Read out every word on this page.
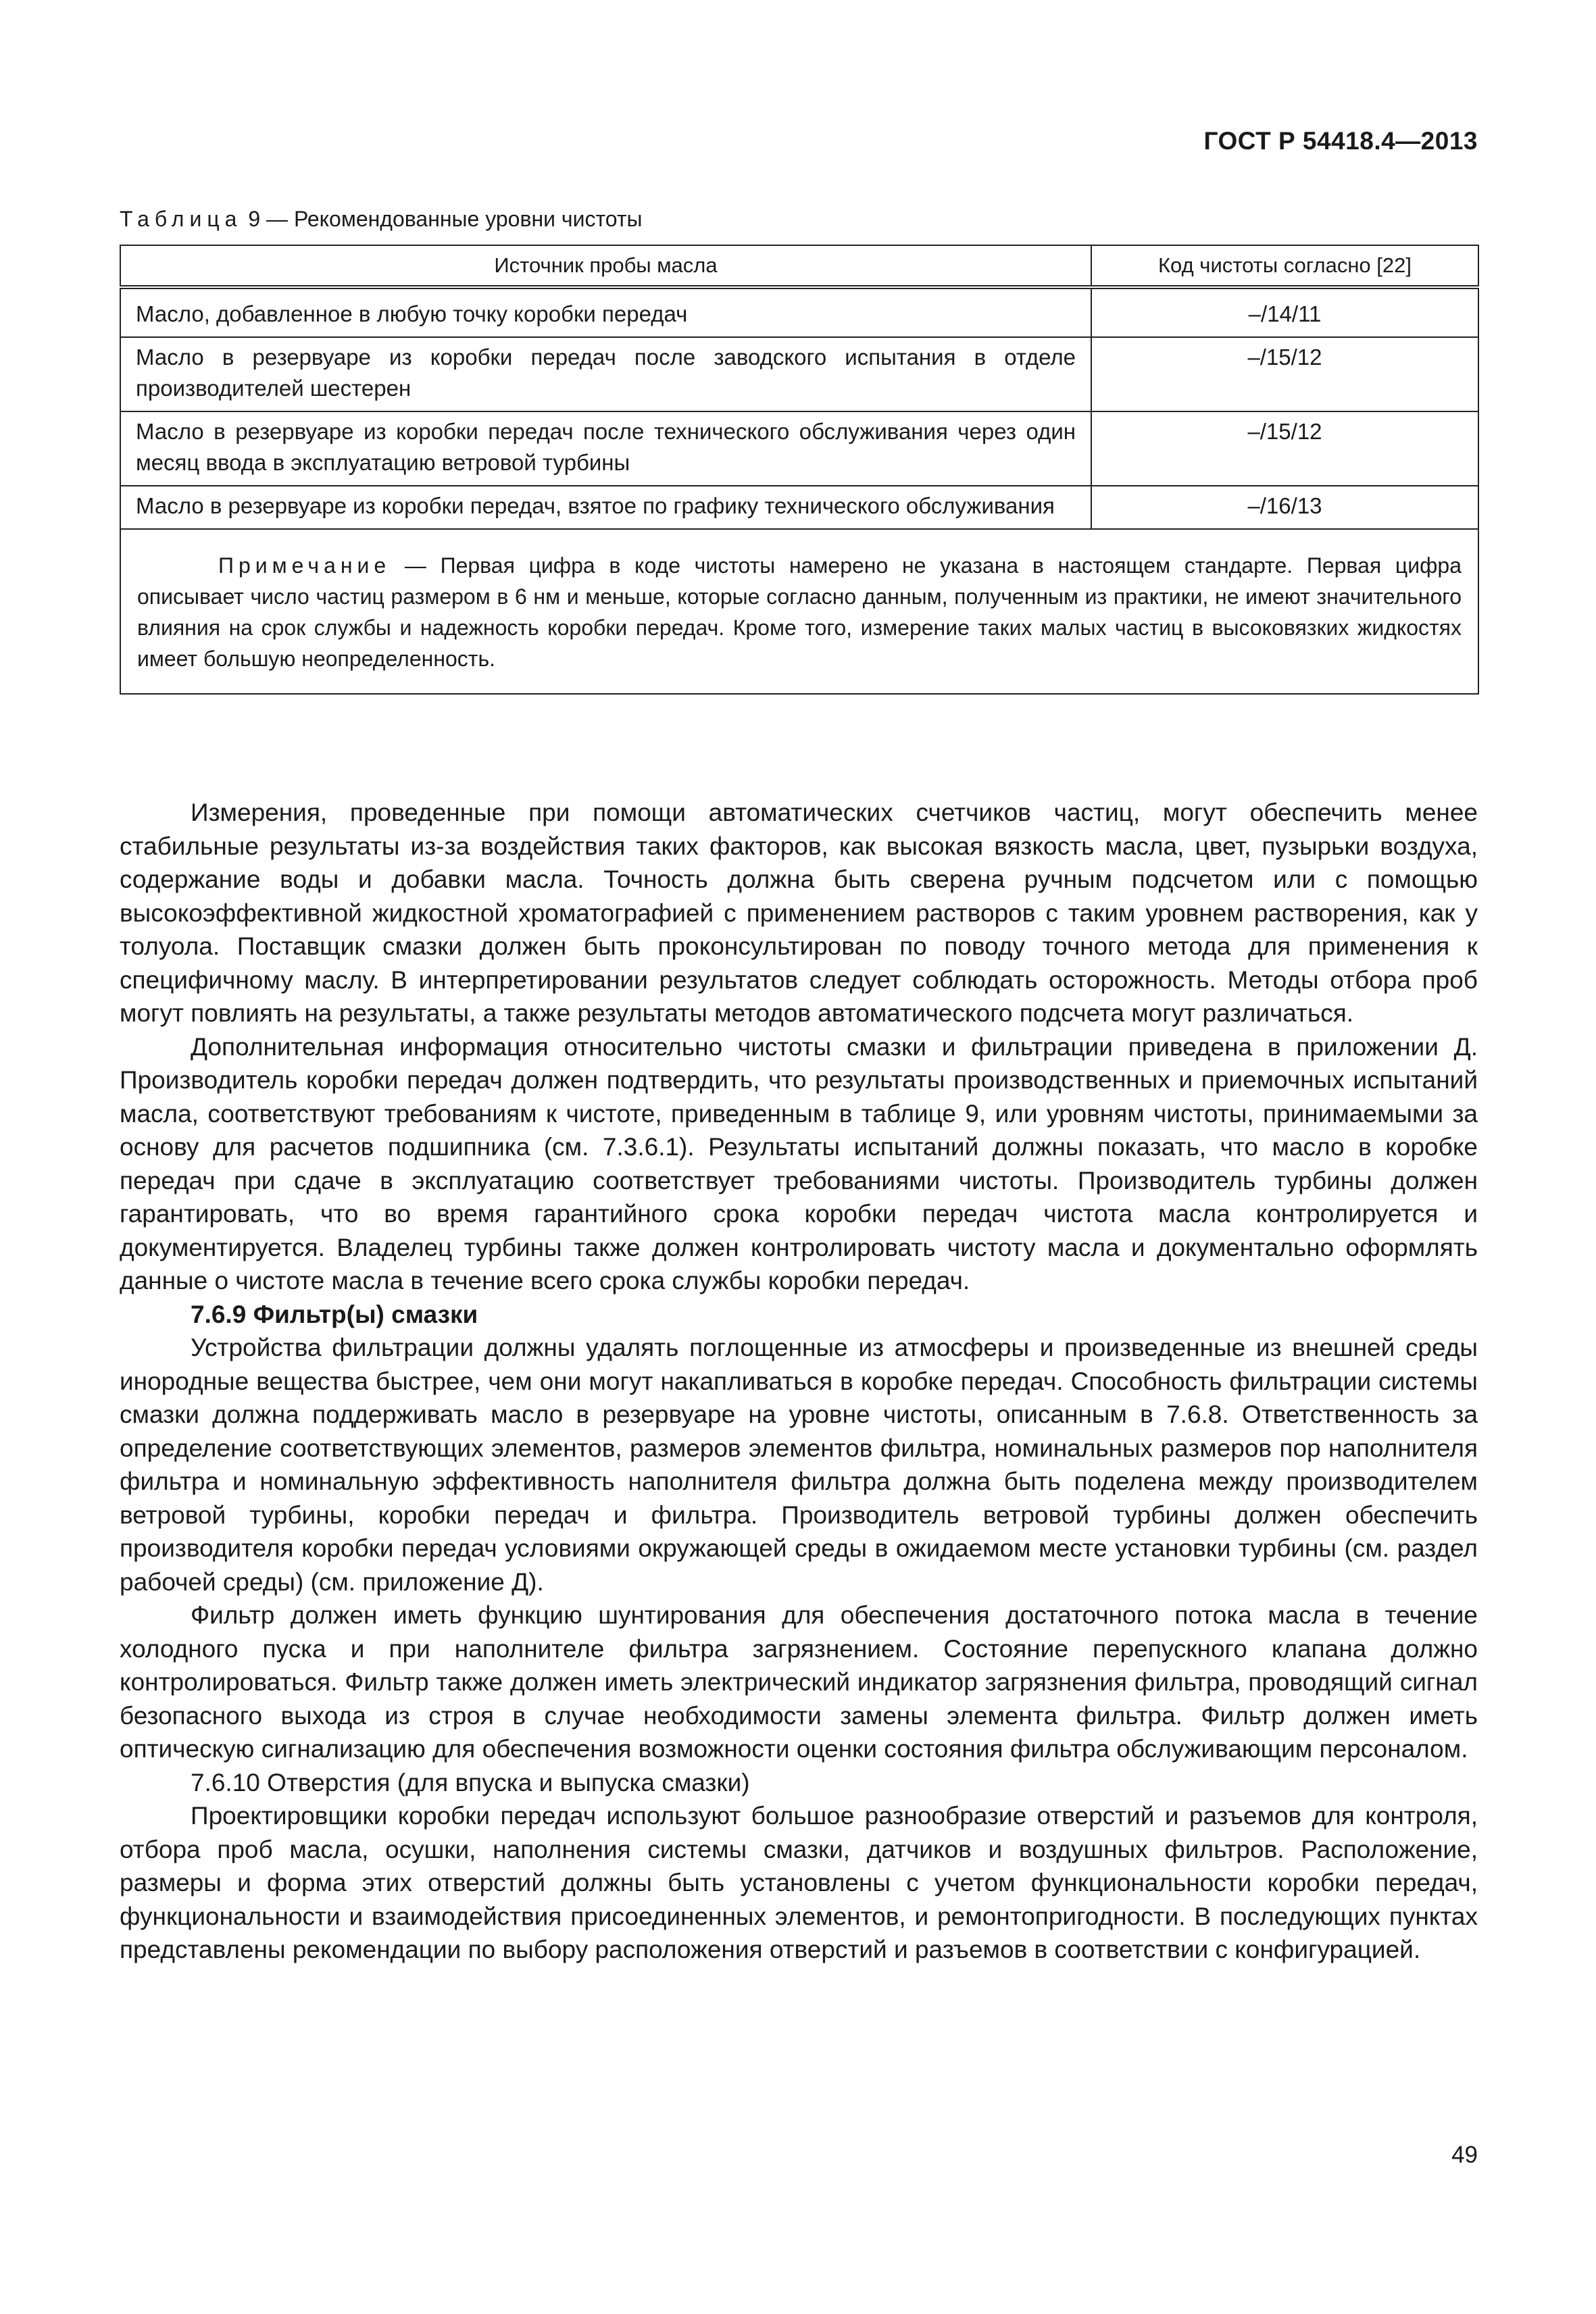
ГОСТ Р 54418.4—2013
Таблица 9 — Рекомендованные уровни чистоты
Источник пробы масла	Код чистоты согласно [22]
Масло, добавленное в любую точку коробки передач	–/14/11
Масло в резервуаре из коробки передач после заводского испытания в отделе производителей шестерен	–/15/12
Масло в резервуаре из коробки передач после технического обслуживания через один месяц ввода в эксплуатацию ветровой турбины	–/15/12
Масло в резервуаре из коробки передач, взятое по графику технического обслуживания	–/16/13
Примечание — Первая цифра в коде чистоты намерено не указана в настоящем стандарте. Первая цифра описывает число частиц размером в 6 нм и меньше, которые согласно данным, полученным из практики, не имеют значительного влияния на срок службы и надежность коробки передач. Кроме того, измерение таких малых частиц в высоковязких жидкостях имеет большую неопределенность.	

Измерения, проведенные при помощи автоматических счетчиков частиц, могут обеспечить менее стабильные результаты из-за воздействия таких факторов, как высокая вязкость масла, цвет, пузырьки воздуха, содержание воды и добавки масла. Точность должна быть сверена ручным подсчетом или с помощью высокоэффективной жидкостной хроматографией с применением растворов с таким уровнем растворения, как у толуола. Поставщик смазки должен быть проконсультирован по поводу точного метода для применения к специфичному маслу. В интерпретировании результатов следует соблюдать осторожность. Методы отбора проб могут повлиять на результаты, а также результаты методов автоматического подсчета могут различаться.

Дополнительная информация относительно чистоты смазки и фильтрации приведена в приложении Д. Производитель коробки передач должен подтвердить, что результаты производственных и приемочных испытаний масла, соответствуют требованиям к чистоте, приведенным в таблице 9, или уровням чистоты, принимаемыми за основу для расчетов подшипника (см. 7.3.6.1). Результаты испытаний должны показать, что масло в коробке передач при сдаче в эксплуатацию соответствует требованиями чистоты. Производитель турбины должен гарантировать, что во время гарантийного срока коробки передач чистота масла контролируется и документируется. Владелец турбины также должен контролировать чистоту масла и документально оформлять данные о чистоте масла в течение всего срока службы коробки передач.

7.6.9 Фильтр(ы) смазки

Устройства фильтрации должны удалять поглощенные из атмосферы и произведенные из внешней среды инородные вещества быстрее, чем они могут накапливаться в коробке передач. Способность фильтрации системы смазки должна поддерживать масло в резервуаре на уровне чистоты, описанным в 7.6.8. Ответственность за определение соответствующих элементов, размеров элементов фильтра, номинальных размеров пор наполнителя фильтра и номинальную эффективность наполнителя фильтра должна быть поделена между производителем ветровой турбины, коробки передач и фильтра. Производитель ветровой турбины должен обеспечить производителя коробки передач условиями окружающей среды в ожидаемом месте установки турбины (см. раздел рабочей среды) (см. приложение Д).

Фильтр должен иметь функцию шунтирования для обеспечения достаточного потока масла в течение холодного пуска и при наполнителе фильтра загрязнением. Состояние перепускного клапана должно контролироваться. Фильтр также должен иметь электрический индикатор загрязнения фильтра, проводящий сигнал безопасного выхода из строя в случае необходимости замены элемента фильтра. Фильтр должен иметь оптическую сигнализацию для обеспечения возможности оценки состояния фильтра обслуживающим персоналом.

7.6.10 Отверстия (для впуска и выпуска смазки)

Проектировщики коробки передач используют большое разнообразие отверстий и разъемов для контроля, отбора проб масла, осушки, наполнения системы смазки, датчиков и воздушных фильтров. Расположение, размеры и форма этих отверстий должны быть установлены с учетом функциональности коробки передач, функциональности и взаимодействия присоединенных элементов, и ремонтопригодности. В последующих пунктах представлены рекомендации по выбору расположения отверстий и разъемов в соответствии с конфигурацией.

49
